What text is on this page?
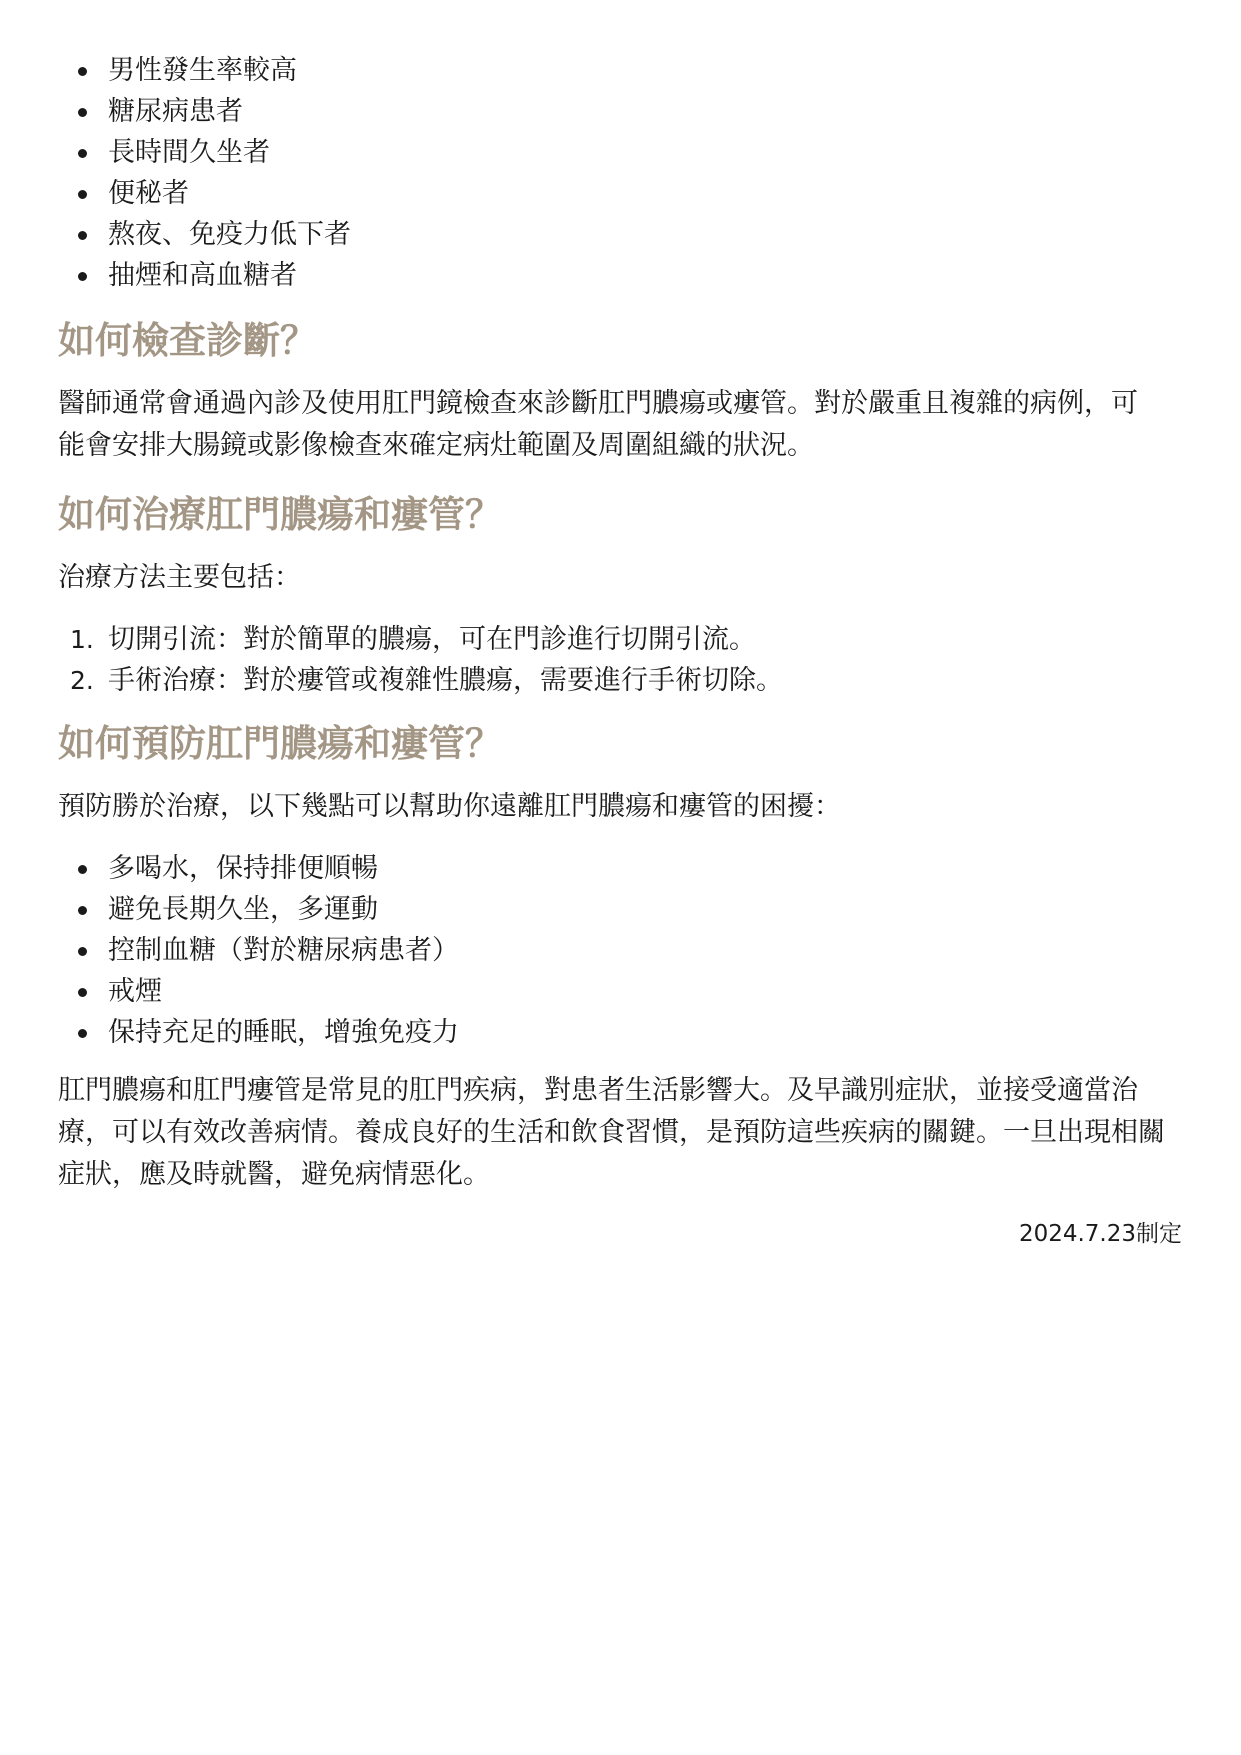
男性發生率較高
糖尿病患者
長時間久坐者
便秘者
熬夜、免疫力低下者
抽煙和高血糖者
如何檢查診斷？

醫師通常會通過內診及使用肛門鏡檢查來診斷肛門膿瘍或瘻管。對於嚴重且複雜的病例，可能會安排大腸鏡或影像檢查來確定病灶範圍及周圍組織的狀況。

如何治療肛門膿瘍和瘻管？

治療方法主要包括：

1. 切開引流：對於簡單的膿瘍，可在門診進行切開引流。
2. 手術治療：對於瘻管或複雜性膿瘍，需要進行手術切除。
如何預防肛門膿瘍和瘻管？

預防勝於治療，以下幾點可以幫助你遠離肛門膿瘍和瘻管的困擾：

多喝水，保持排便順暢
避免長期久坐，多運動
控制血糖（對於糖尿病患者）
戒煙
保持充足的睡眠，增強免疫力

肛門膿瘍和肛門瘻管是常見的肛門疾病，對患者生活影響大。及早識別症狀，並接受適當治療，可以有效改善病情。養成良好的生活和飲食習慣，是預防這些疾病的關鍵。一旦出現相關症狀，應及時就醫，避免病情惡化。

2024.7.23制定
